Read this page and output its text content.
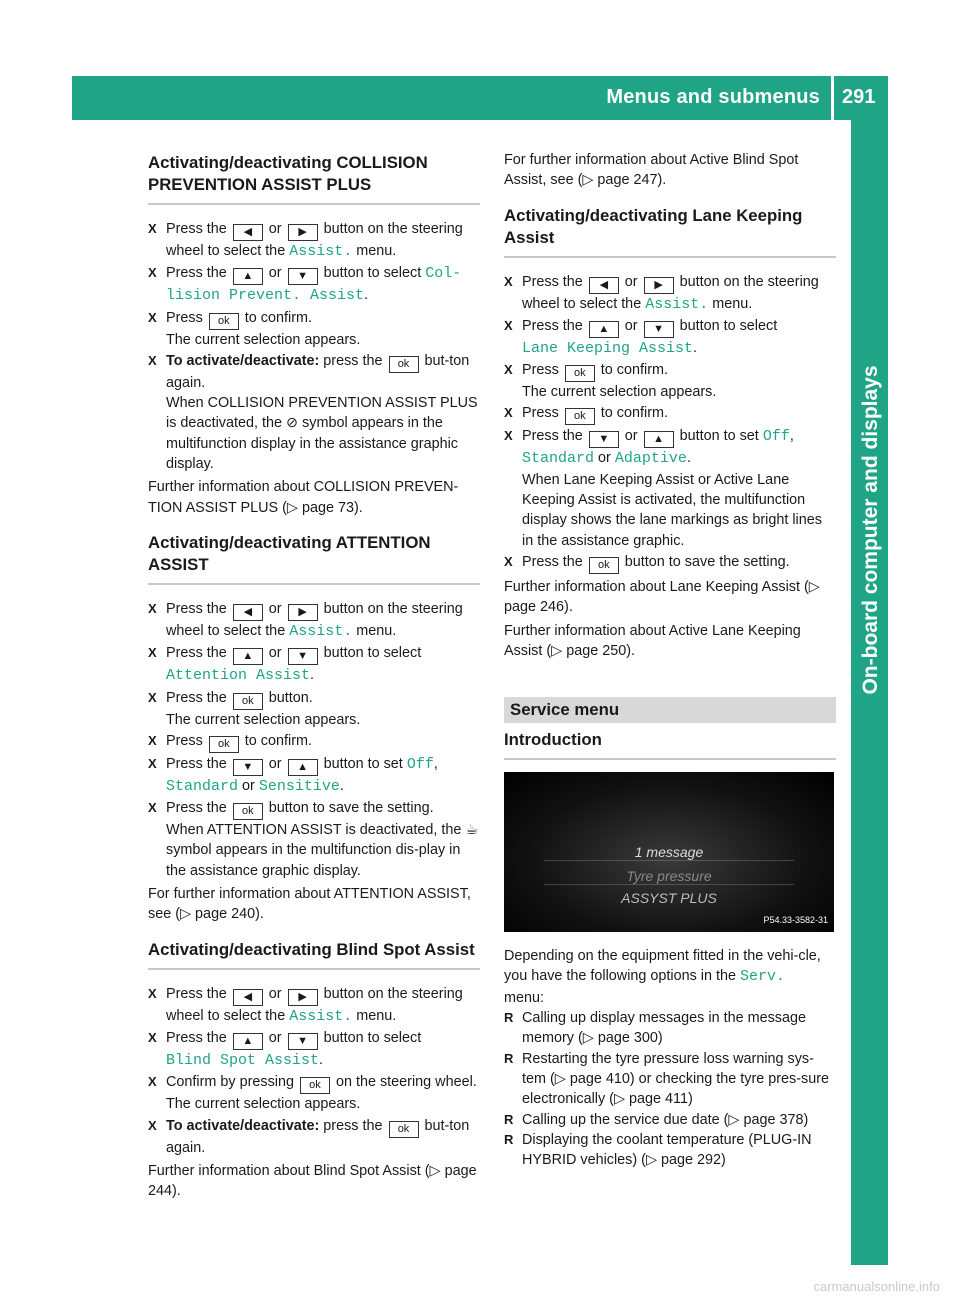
Menus and submenus 291
On-board computer and displays
Activating/deactivating COLLISION PREVENTION ASSIST PLUS
X Press the ◀ or ▶ button on the steering wheel to select the Assist. menu.
X Press the ▲ or ▼ button to select Col‐lision Prevent. Assist.
X Press ok to confirm.
The current selection appears.
X To activate/deactivate: press the ok but-ton again.
When COLLISION PREVENTION ASSIST PLUS is deactivated, the ⊘ symbol appears in the multifunction display in the assistance graphic display.

Further information about COLLISION PREVEN-TION ASSIST PLUS (▷ page 73).

Activating/deactivating ATTENTION ASSIST
X Press the ◀ or ▶ button on the steering wheel to select the Assist. menu.
X Press the ▲ or ▼ button to select
Attention Assist.
X Press the ok button.
The current selection appears.
X Press ok to confirm.
X Press the ▼ or ▲ button to set Off,
Standard or Sensitive.
X Press the ok button to save the setting.
When ATTENTION ASSIST is deactivated, the ☕ symbol appears in the multifunction dis-play in the assistance graphic display.

For further information about ATTENTION ASSIST, see (▷ page 240).

Activating/deactivating Blind Spot Assist
X Press the ◀ or ▶ button on the steering wheel to select the Assist. menu.
X Press the ▲ or ▼ button to select
Blind Spot Assist.
X Confirm by pressing ok on the steering wheel.
The current selection appears.
X To activate/deactivate: press the ok but-ton again.

Further information about Blind Spot Assist (▷ page 244).

For further information about Active Blind Spot Assist, see (▷ page 247).

Activating/deactivating Lane Keeping Assist
X Press the ◀ or ▶ button on the steering wheel to select the Assist. menu.
X Press the ▲ or ▼ button to select
Lane Keeping Assist.
X Press ok to confirm.
The current selection appears.
X Press ok to confirm.
X Press the ▼ or ▲ button to set Off,
Standard or Adaptive.
When Lane Keeping Assist or Active Lane Keeping Assist is activated, the multifunction display shows the lane markings as bright lines in the assistance graphic.
X Press the ok button to save the setting.

Further information about Lane Keeping Assist (▷ page 246).

Further information about Active Lane Keeping Assist (▷ page 250).

Service menu
Introduction
1 message
Tyre pressure
ASSYST PLUS
P54.33-3582-31

Depending on the equipment fitted in the vehi-cle, you have the following options in the Serv.
menu:

R Calling up display messages in the message memory (▷ page 300)
R Restarting the tyre pressure loss warning sys-tem (▷ page 410) or checking the tyre pres-sure electronically (▷ page 411)
R Calling up the service due date (▷ page 378)
R Displaying the coolant temperature (PLUG-IN HYBRID vehicles) (▷ page 292)
carmanualsonline.info
